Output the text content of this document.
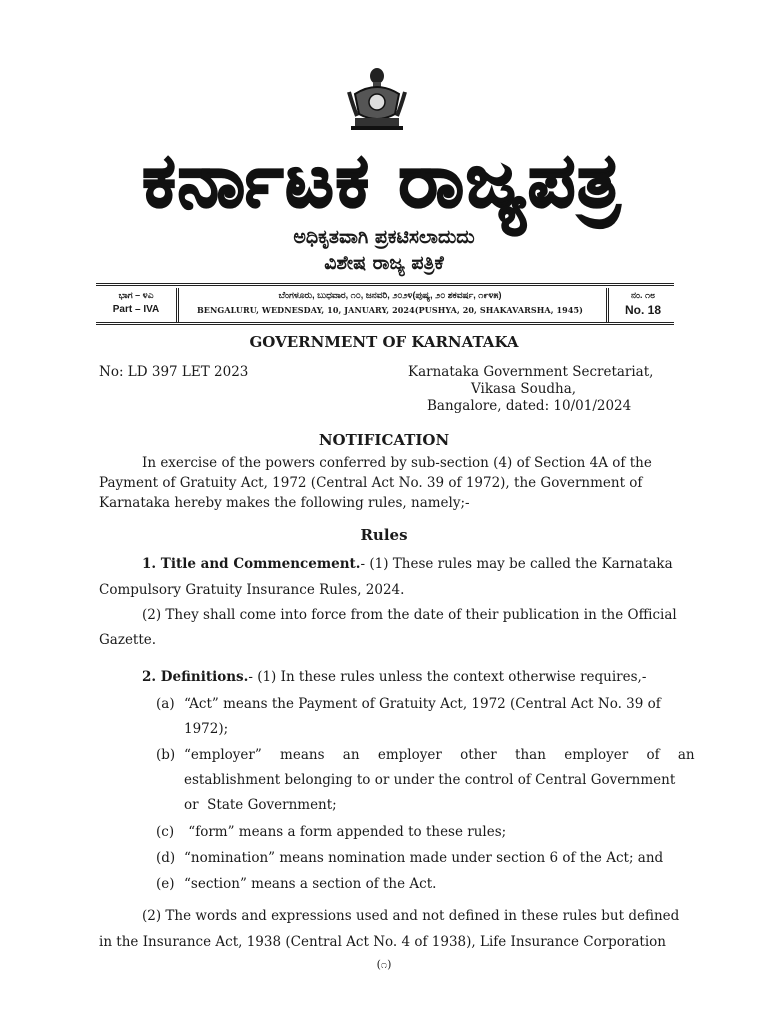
ಕರ್ನಾಟಕ ರಾಜ್ಯಪತ್ರ
ಅಧಿಕೃತವಾಗಿ ಪ್ರಕಟಿಸಲಾದುದು
ವಿಶೇಷ ರಾಜ್ಯ ಪತ್ರಿಕೆ
ಭಾಗ – ೪ಎ
Part – IVA
ಬೆಂಗಳೂರು, ಬುಧವಾರ, ೧೦, ಜನವರಿ, ೨೦೨೪(ಪುಷ್ಯ, ೨೦ ಶಕವರ್ಷ, ೧೯೪೫)
BENGALURU, WEDNESDAY, 10, JANUARY, 2024(PUSHYA, 20, SHAKAVARSHA, 1945)
ನಂ. ೧೮
No. 18
GOVERNMENT OF KARNATAKA
No: LD 397 LET 2023	Karnataka Government Secretariat,
Vikasa Soudha,
Bangalore, dated: 10/01/2024
NOTIFICATION
In exercise of the powers conferred by sub-section (4) of Section 4A of the
Payment of Gratuity Act, 1972 (Central Act No. 39 of 1972), the Government of
Karnataka hereby makes the following rules, namely;-
Rules
1. Title and Commencement.- (1) These rules may be called the Karnataka
Compulsory Gratuity Insurance Rules, 2024.
(2) They shall come into force from the date of their publication in the Official
Gazette.
2. Definitions.- (1) In these rules unless the context otherwise requires,-
(a) “Act” means the Payment of Gratuity Act, 1972 (Central Act No. 39 of
1972);
(b) “employer” means an employer other than employer of an
establishment belonging to or under the control of Central Government
or  State Government;
(c) “form” means a form appended to these rules;
(d) “nomination” means nomination made under section 6 of the Act; and
(e) “section” means a section of the Act.
(2) The words and expressions used and not defined in these rules but defined
in the Insurance Act, 1938 (Central Act No. 4 of 1938), Life Insurance Corporation
(೧)
